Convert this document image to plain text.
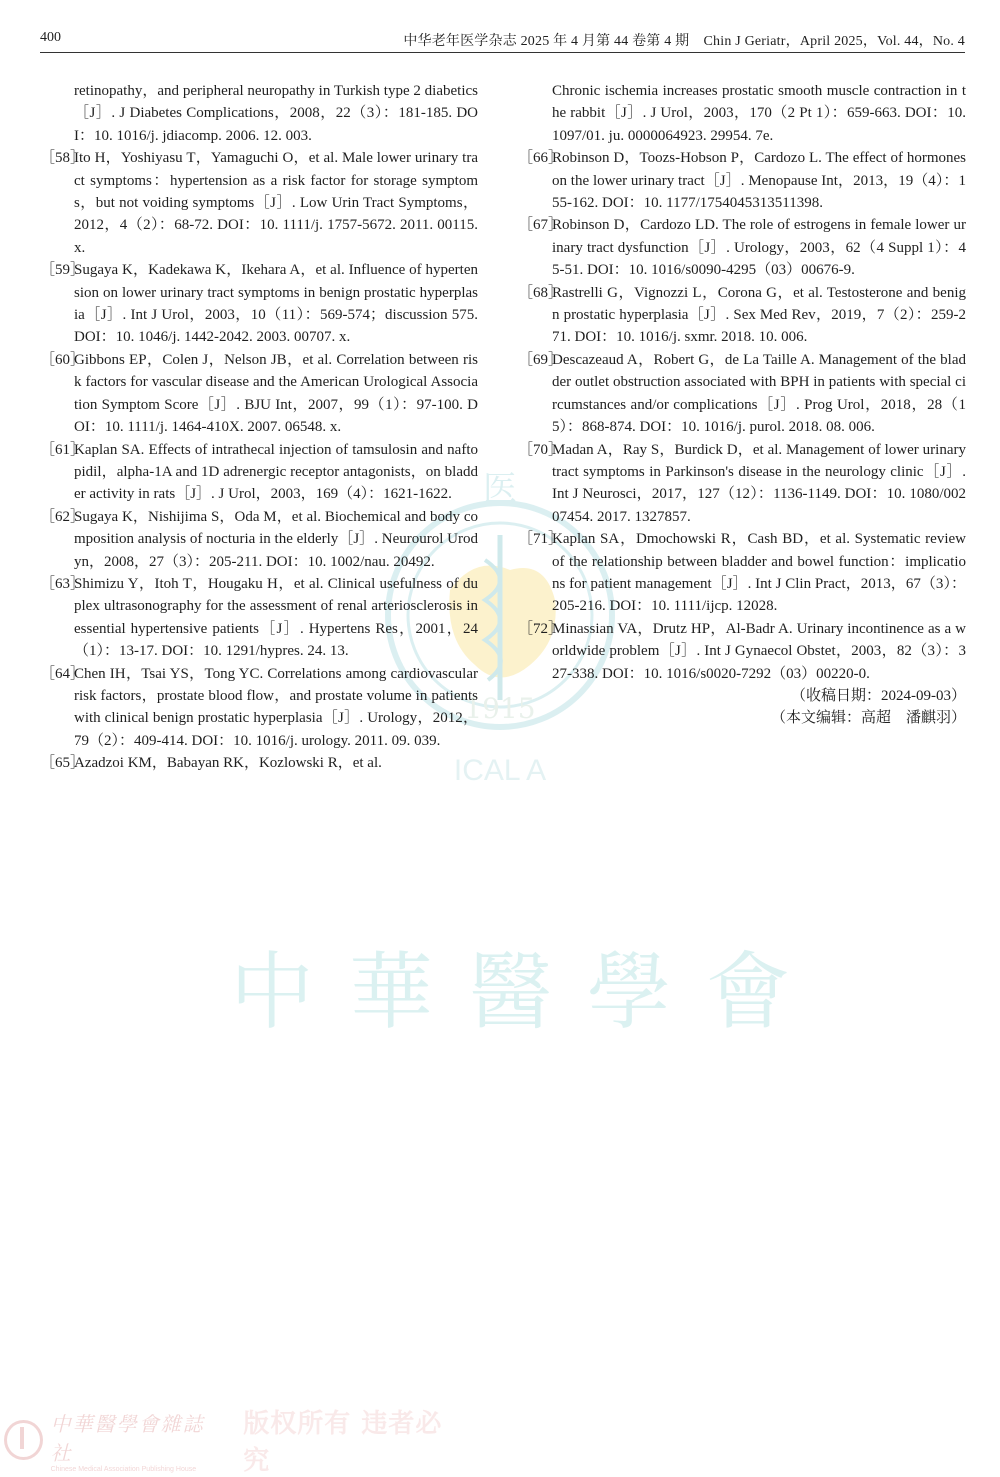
400	中华老年医学杂志 2025 年 4 月第 44 卷第 4 期　Chin J Geriatr，April 2025，Vol. 44，No. 4
医
1915
ICAL A
retinopathy，and peripheral neuropathy in Turkish type 2 diabetics［J］. J Diabetes Complications，2008，22（3）：181-185. DOI：10. 1016/j. jdiacomp. 2006. 12. 003.
［58］
Ito H，Yoshiyasu T，Yamaguchi O，et al. Male lower urinary tract symptoms：hypertension as a risk factor for storage symptoms，but not voiding symptoms［J］. Low Urin Tract Symptoms，2012，4（2）：68-72. DOI：10. 1111/j. 1757-5672. 2011. 00115. x.
［59］
Sugaya K，Kadekawa K，Ikehara A，et al. Influence of hypertension on lower urinary tract symptoms in benign prostatic hyperplasia［J］. Int J Urol，2003，10（11）：569-574；discussion 575. DOI：10. 1046/j. 1442-2042. 2003. 00707. x.
［60］
Gibbons EP，Colen J，Nelson JB，et al. Correlation between risk factors for vascular disease and the American Urological Association Symptom Score［J］. BJU Int，2007，99（1）：97-100. DOI：10. 1111/j. 1464-410X. 2007. 06548. x.
［61］
Kaplan SA. Effects of intrathecal injection of tamsulosin and naftopidil，alpha-1A and 1D adrenergic receptor antagonists，on bladder activity in rats［J］. J Urol，2003，169（4）：1621-1622.
［62］
Sugaya K，Nishijima S，Oda M，et al. Biochemical and body composition analysis of nocturia in the elderly［J］. Neurourol Urodyn，2008，27（3）：205-211. DOI：10. 1002/nau. 20492.
［63］
Shimizu Y，Itoh T，Hougaku H，et al. Clinical usefulness of duplex ultrasonography for the assessment of renal arteriosclerosis in essential hypertensive patients［J］. Hypertens Res，2001，24（1）：13-17. DOI：10. 1291/hypres. 24. 13.
［64］
Chen IH，Tsai YS，Tong YC. Correlations among cardiovascular risk factors，prostate blood flow，and prostate volume in patients with clinical benign prostatic hyperplasia［J］. Urology，2012，79（2）：409-414. DOI：10. 1016/j. urology. 2011. 09. 039.
［65］
Azadzoi KM，Babayan RK，Kozlowski R，et al.
Chronic ischemia increases prostatic smooth muscle contraction in the rabbit［J］. J Urol，2003，170（2 Pt 1）：659-663. DOI：10. 1097/01. ju. 0000064923. 29954. 7e.
［66］
Robinson D，Toozs-Hobson P，Cardozo L. The effect of hormones on the lower urinary tract［J］. Menopause Int，2013，19（4）：155-162. DOI：10. 1177/1754045313511398.
［67］
Robinson D，Cardozo LD. The role of estrogens in female lower urinary tract dysfunction［J］. Urology，2003，62（4 Suppl 1）：45-51. DOI：10. 1016/s0090-4295（03）00676-9.
［68］
Rastrelli G，Vignozzi L，Corona G，et al. Testosterone and benign prostatic hyperplasia［J］. Sex Med Rev，2019，7（2）：259-271. DOI：10. 1016/j. sxmr. 2018. 10. 006.
［69］
Descazeaud A，Robert G，de La Taille A. Management of the bladder outlet obstruction associated with BPH in patients with special circumstances and/or complications［J］. Prog Urol，2018，28（15）：868-874. DOI：10. 1016/j. purol. 2018. 08. 006.
［70］
Madan A，Ray S，Burdick D，et al. Management of lower urinary tract symptoms in Parkinson's disease in the neurology clinic［J］. Int J Neurosci，2017，127（12）：1136-1149. DOI：10. 1080/00207454. 2017. 1327857.
［71］
Kaplan SA，Dmochowski R，Cash BD，et al. Systematic review of the relationship between bladder and bowel function：implications for patient management［J］. Int J Clin Pract，2013，67（3）：205-216. DOI：10. 1111/ijcp. 12028.
［72］
Minassian VA，Drutz HP，Al-Badr A. Urinary incontinence as a worldwide problem［J］. Int J Gynaecol Obstet，2003，82（3）：327-338. DOI：10. 1016/s0020-7292（03）00220-0.
（收稿日期：2024-09-03）
（本文编辑：高超　潘麒羽）
中 華 醫 學 會
中華醫學會雜誌社
Chinese Medical Association Publishing House
版权所有 违者必究
